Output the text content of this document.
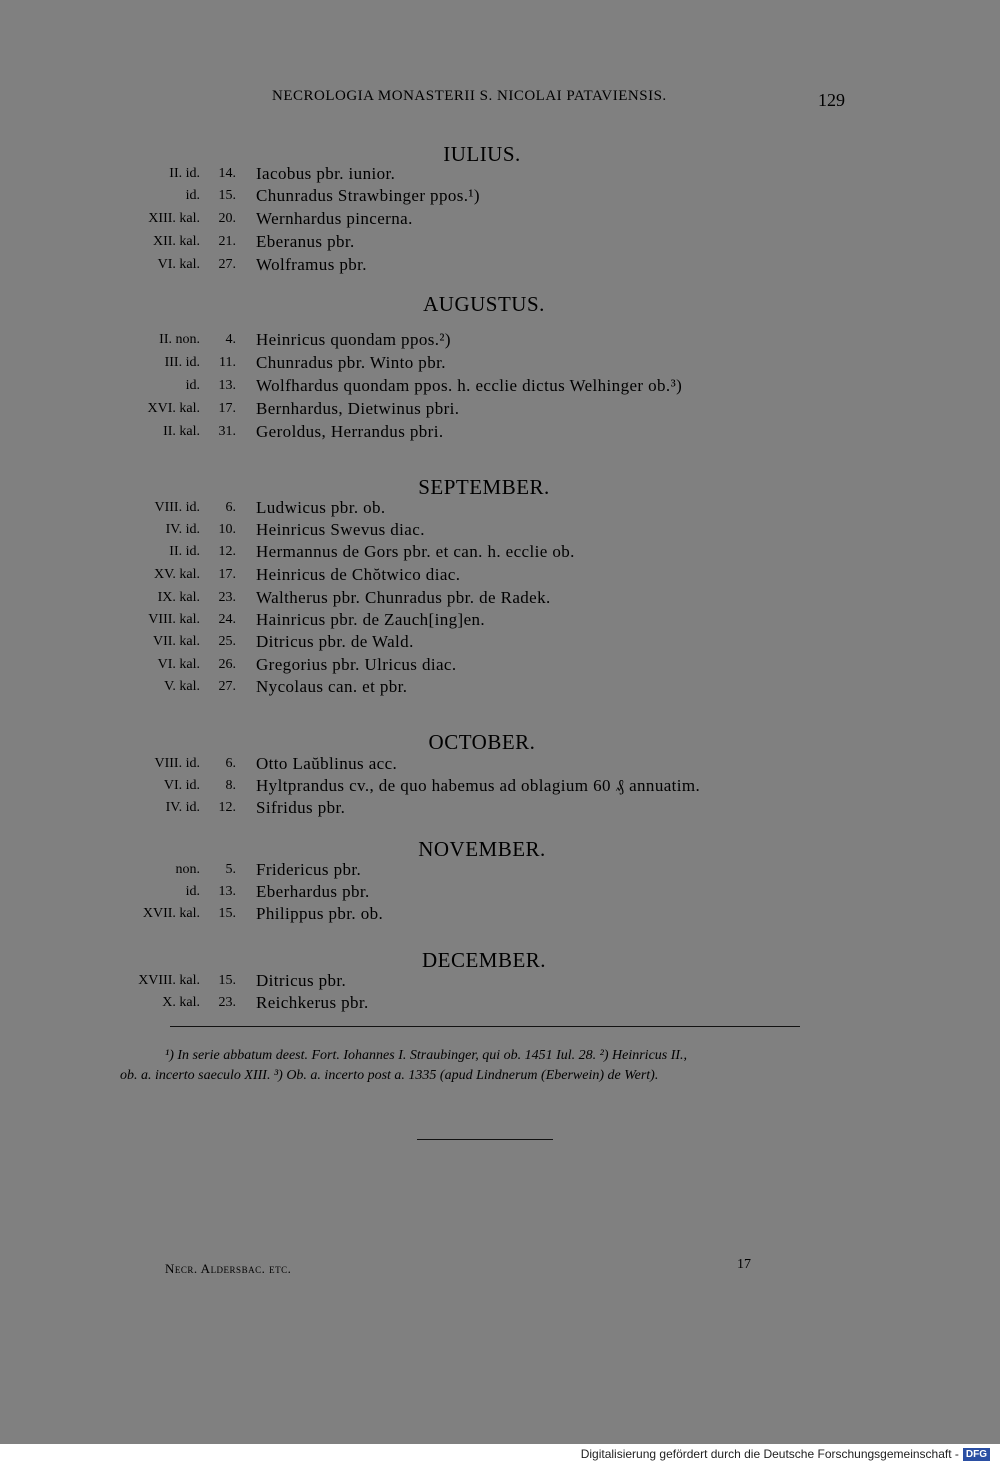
NECROLOGIA MONASTERII S. NICOLAI PATAVIENSIS.	129
IULIUS.
II. id. 14. Iacobus pbr. iunior.
id. 15. Chunradus Strawbinger ppos.¹)
XIII. kal. 20. Wernhardus pincerna.
XII. kal. 21. Eberanus pbr.
VI. kal. 27. Wolframus pbr.
AUGUSTUS.
II. non. 4. Heinricus quondam ppos.²)
III. id. 11. Chunradus pbr. Winto pbr.
id. 13. Wolfhardus quondam ppos. h. ecclie dictus Welhinger ob.³)
XVI. kal. 17. Bernhardus, Dietwinus pbri.
II. kal. 31. Geroldus, Herrandus pbri.
SEPTEMBER.
VIII. id. 6. Ludwicus pbr. ob.
IV. id. 10. Heinricus Swevus diac.
II. id. 12. Hermannus de Gors pbr. et can. h. ecclie ob.
XV. kal. 17. Heinricus de Chŏtwico diac.
IX. kal. 23. Waltherus pbr. Chunradus pbr. de Radek.
VIII. kal. 24. Hainricus pbr. de Zauch[ing]en.
VII. kal. 25. Ditricus pbr. de Wald.
VI. kal. 26. Gregorius pbr. Ulricus diac.
V. kal. 27. Nycolaus can. et pbr.
OCTOBER.
VIII. id. 6. Otto Laŭblinus acc.
VI. id. 8. Hyltprandus cv., de quo habemus ad oblagium 60 ₰ annuatim.
IV. id. 12. Sifridus pbr.
NOVEMBER.
non. 5. Fridericus pbr.
id. 13. Eberhardus pbr.
XVII. kal. 15. Philippus pbr. ob.
DECEMBER.
XVIII. kal. 15. Ditricus pbr.
X. kal. 23. Reichkerus pbr.
¹) In serie abbatum deest. Fort. Iohannes I. Straubinger, qui ob. 1451 Iul. 28. ²) Heinricus II.,
ob. a. incerto saeculo XIII. ³) Ob. a. incerto post a. 1335 (apud Lindnerum (Eberwein) de Wert).
Necr. Aldersbac. etc.	17
Digitalisierung gefördert durch die Deutsche Forschungsgemeinschaft - DFG
